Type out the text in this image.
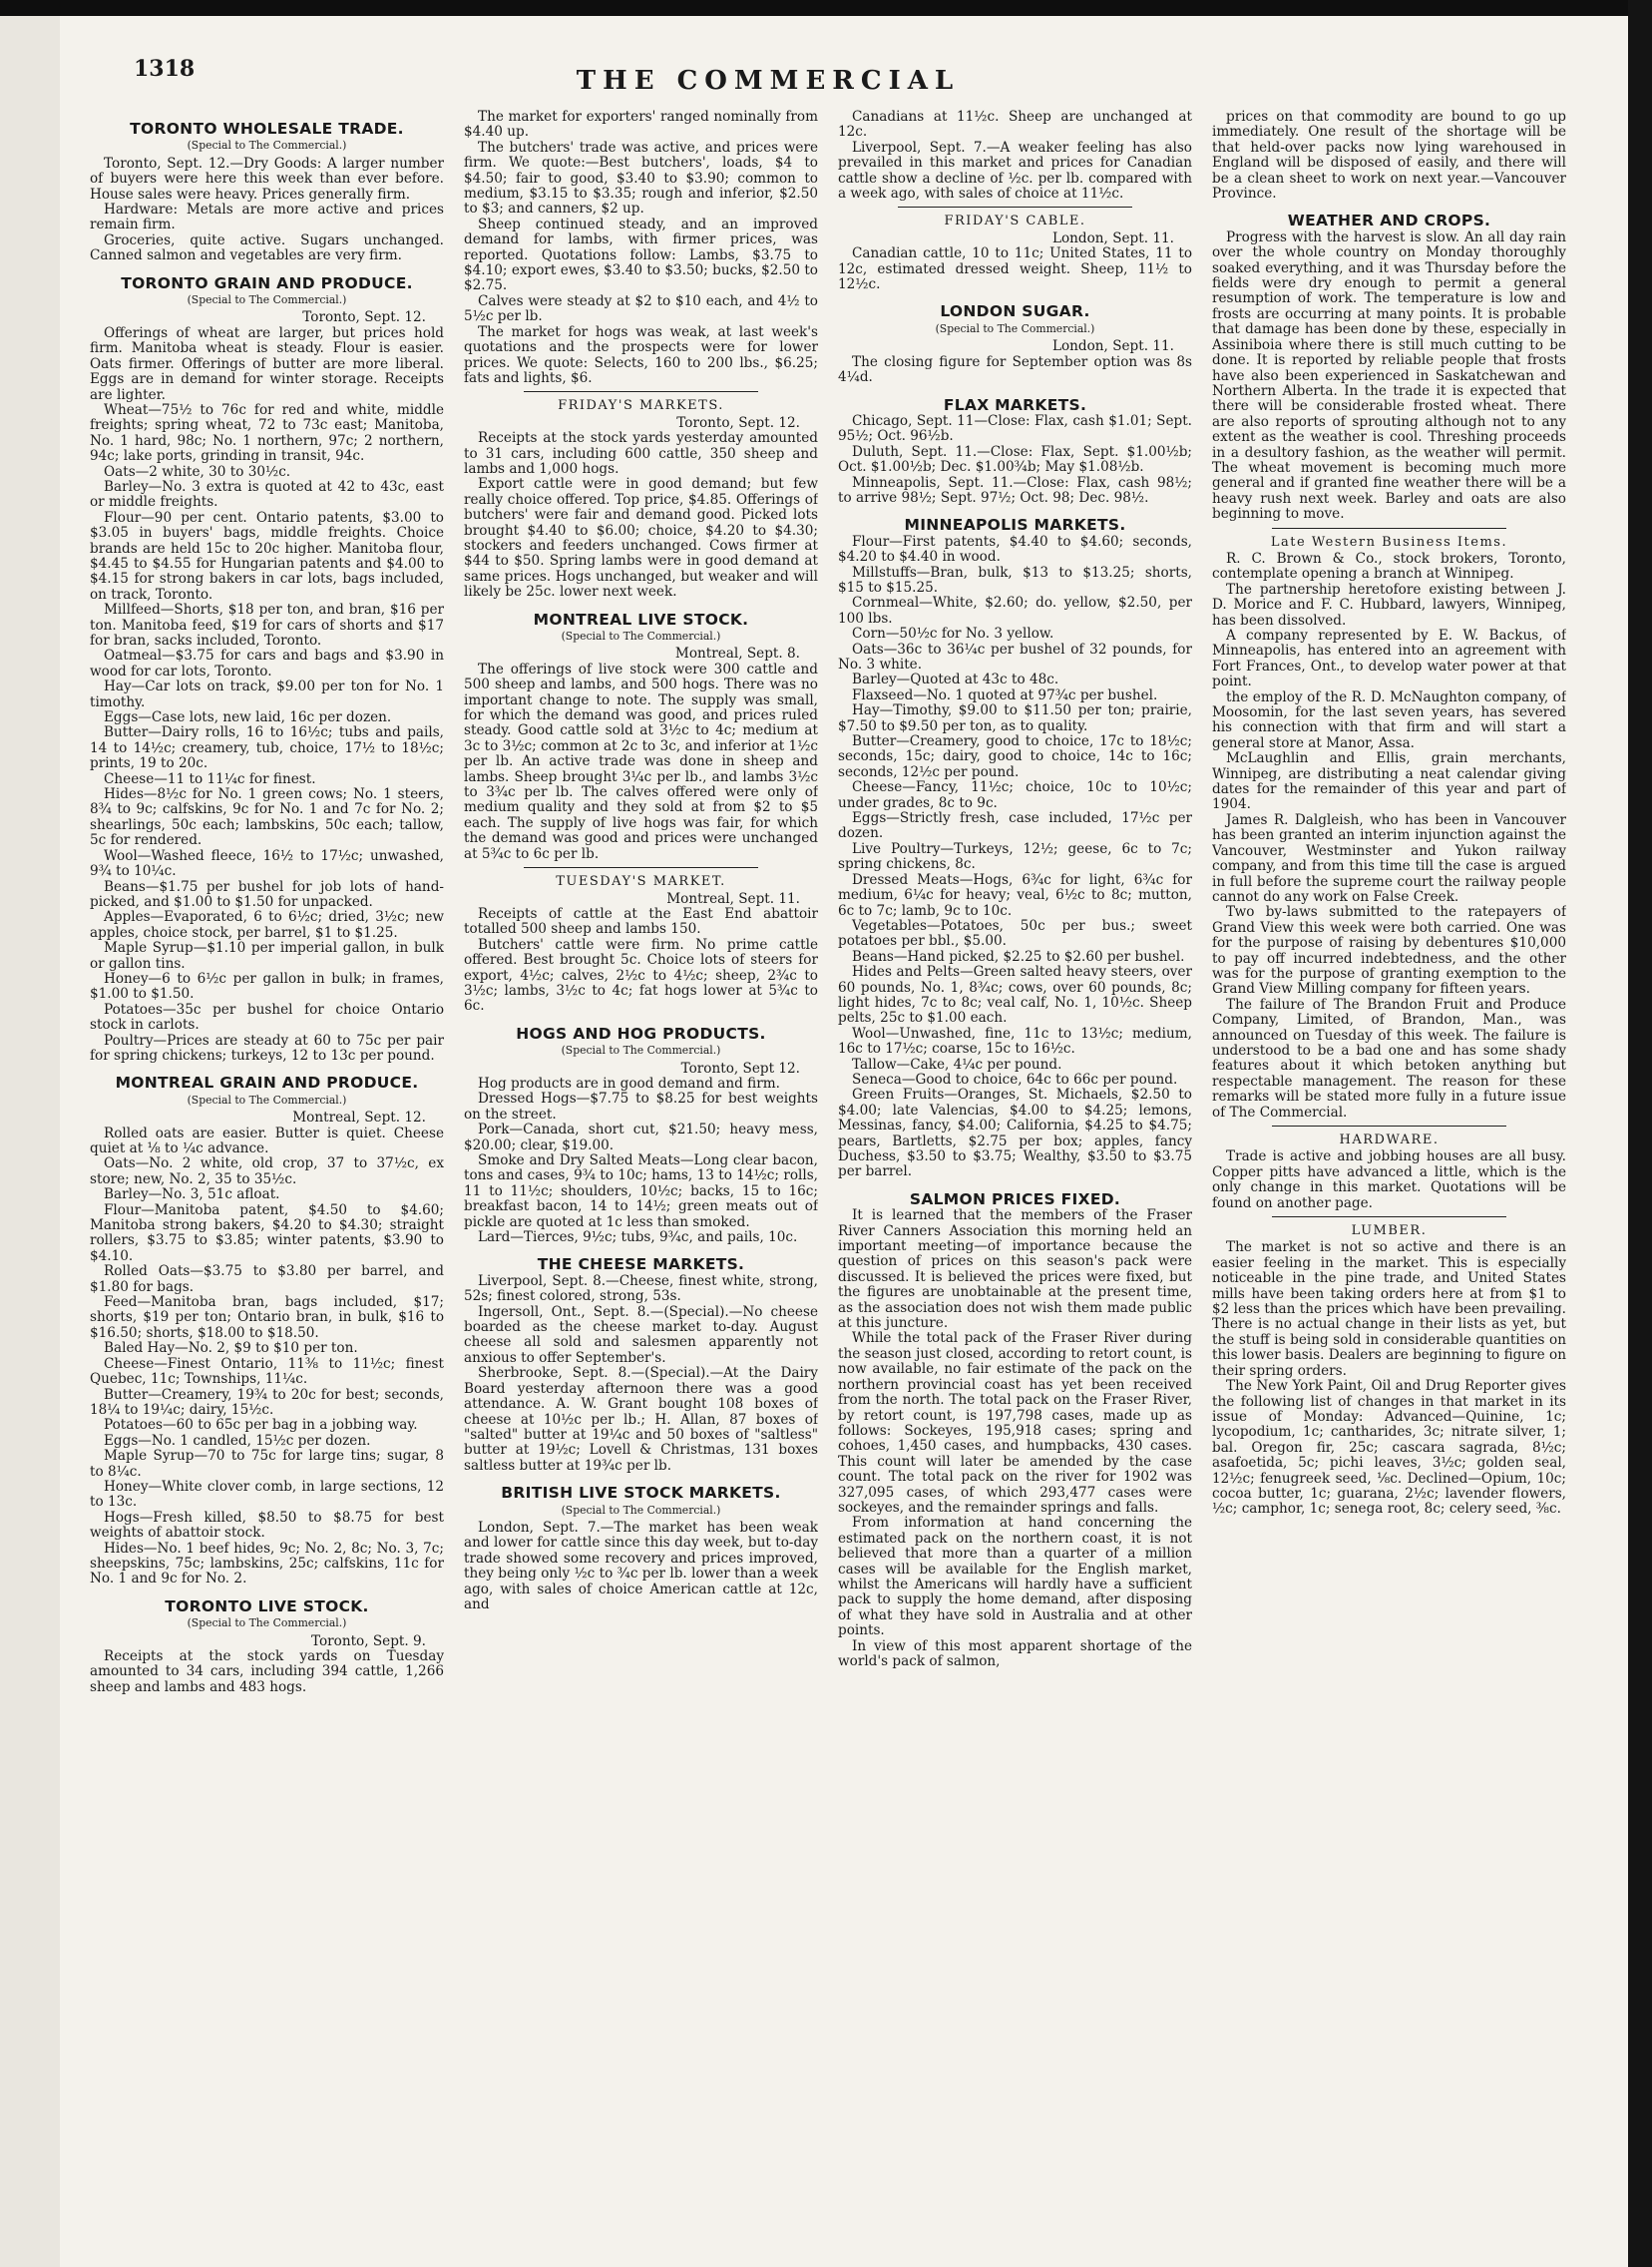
1318	THE COMMERCIAL
TORONTO WHOLESALE TRADE.
(Special to The Commercial.)

Toronto, Sept. 12.—Dry Goods: A larger number of buyers were here this week than ever before. House sales were heavy. Prices generally firm.

Hardware: Metals are more active and prices remain firm.

Groceries, quite active. Sugars unchanged. Canned salmon and vegetables are very firm.

TORONTO GRAIN AND PRODUCE.
(Special to The Commercial.)
Toronto, Sept. 12.

Offerings of wheat are larger, but prices hold firm. Manitoba wheat is steady. Flour is easier. Oats firmer. Offerings of butter are more liberal. Eggs are in demand for winter storage. Receipts are lighter.

Wheat—75½ to 76c for red and white, middle freights; spring wheat, 72 to 73c east; Manitoba, No. 1 hard, 98c; No. 1 northern, 97c; 2 northern, 94c; lake ports, grinding in transit, 94c.

Oats—2 white, 30 to 30½c.

Barley—No. 3 extra is quoted at 42 to 43c, east or middle freights.

Flour—90 per cent. Ontario patents, $3.00 to $3.05 in buyers' bags, middle freights. Choice brands are held 15c to 20c higher. Manitoba flour, $4.45 to $4.55 for Hungarian patents and $4.00 to $4.15 for strong bakers in car lots, bags included, on track, Toronto.

Millfeed—Shorts, $18 per ton, and bran, $16 per ton. Manitoba feed, $19 for cars of shorts and $17 for bran, sacks included, Toronto.

Oatmeal—$3.75 for cars and bags and $3.90 in wood for car lots, Toronto.

Hay—Car lots on track, $9.00 per ton for No. 1 timothy.

Eggs—Case lots, new laid, 16c per dozen.

Butter—Dairy rolls, 16 to 16½c; tubs and pails, 14 to 14½c; creamery, tub, choice, 17½ to 18½c; prints, 19 to 20c.

Cheese—11 to 11¼c for finest.

Hides—8½c for No. 1 green cows; No. 1 steers, 8¾ to 9c; calfskins, 9c for No. 1 and 7c for No. 2; shearlings, 50c each; lambskins, 50c each; tallow, 5c for rendered.

Wool—Washed fleece, 16½ to 17½c; unwashed, 9¾ to 10¼c.

Beans—$1.75 per bushel for job lots of hand-picked, and $1.00 to $1.50 for unpacked.

Apples—Evaporated, 6 to 6½c; dried, 3½c; new apples, choice stock, per barrel, $1 to $1.25.

Maple Syrup—$1.10 per imperial gallon, in bulk or gallon tins.

Honey—6 to 6½c per gallon in bulk; in frames, $1.00 to $1.50.

Potatoes—35c per bushel for choice Ontario stock in carlots.

Poultry—Prices are steady at 60 to 75c per pair for spring chickens; turkeys, 12 to 13c per pound.

MONTREAL GRAIN AND PRODUCE.
(Special to The Commercial.)
Montreal, Sept. 12.

Rolled oats are easier. Butter is quiet. Cheese quiet at ⅛ to ¼c advance.

Oats—No. 2 white, old crop, 37 to 37½c, ex store; new, No. 2, 35 to 35½c.

Barley—No. 3, 51c afloat.

Flour—Manitoba patent, $4.50 to $4.60; Manitoba strong bakers, $4.20 to $4.30; straight rollers, $3.75 to $3.85; winter patents, $3.90 to $4.10.

Rolled Oats—$3.75 to $3.80 per barrel, and $1.80 for bags.

Feed—Manitoba bran, bags included, $17; shorts, $19 per ton; Ontario bran, in bulk, $16 to $16.50; shorts, $18.00 to $18.50.

Baled Hay—No. 2, $9 to $10 per ton.

Cheese—Finest Ontario, 11⅜ to 11½c; finest Quebec, 11c; Townships, 11¼c.

Butter—Creamery, 19¾ to 20c for best; seconds, 18¼ to 19¼c; dairy, 15½c.

Potatoes—60 to 65c per bag in a jobbing way.

Eggs—No. 1 candled, 15½c per dozen.

Maple Syrup—70 to 75c for large tins; sugar, 8 to 8¼c.

Honey—White clover comb, in large sections, 12 to 13c.

Hogs—Fresh killed, $8.50 to $8.75 for best weights of abattoir stock.

Hides—No. 1 beef hides, 9c; No. 2, 8c; No. 3, 7c; sheepskins, 75c; lambskins, 25c; calfskins, 11c for No. 1 and 9c for No. 2.

TORONTO LIVE STOCK.
(Special to The Commercial.)
Toronto, Sept. 9.

Receipts at the stock yards on Tuesday amounted to 34 cars, including 394 cattle, 1,266 sheep and lambs and 483 hogs.

The market for exporters' ranged nominally from $4.40 up.

The butchers' trade was active, and prices were firm. We quote:—Best butchers', loads, $4 to $4.50; fair to good, $3.40 to $3.90; common to medium, $3.15 to $3.35; rough and inferior, $2.50 to $3; and canners, $2 up.

Sheep continued steady, and an improved demand for lambs, with firmer prices, was reported. Quotations follow: Lambs, $3.75 to $4.10; export ewes, $3.40 to $3.50; bucks, $2.50 to $2.75.

Calves were steady at $2 to $10 each, and 4½ to 5½c per lb.

The market for hogs was weak, at last week's quotations and the prospects were for lower prices. We quote: Selects, 160 to 200 lbs., $6.25; fats and lights, $6.

FRIDAY'S MARKETS.
Toronto, Sept. 12.

Receipts at the stock yards yesterday amounted to 31 cars, including 600 cattle, 350 sheep and lambs and 1,000 hogs.

Export cattle were in good demand; but few really choice offered. Top price, $4.85. Offerings of butchers' were fair and demand good. Picked lots brought $4.40 to $6.00; choice, $4.20 to $4.30; stockers and feeders unchanged. Cows firmer at $44 to $50. Spring lambs were in good demand at same prices. Hogs unchanged, but weaker and will likely be 25c. lower next week.

MONTREAL LIVE STOCK.
(Special to The Commercial.)
Montreal, Sept. 8.

The offerings of live stock were 300 cattle and 500 sheep and lambs, and 500 hogs. There was no important change to note. The supply was small, for which the demand was good, and prices ruled steady. Good cattle sold at 3½c to 4c; medium at 3c to 3½c; common at 2c to 3c, and inferior at 1½c per lb. An active trade was done in sheep and lambs. Sheep brought 3¼c per lb., and lambs 3½c to 3¾c per lb. The calves offered were only of medium quality and they sold at from $2 to $5 each. The supply of live hogs was fair, for which the demand was good and prices were unchanged at 5¾c to 6c per lb.

TUESDAY'S MARKET.
Montreal, Sept. 11.

Receipts of cattle at the East End abattoir totalled 500 sheep and lambs 150.

Butchers' cattle were firm. No prime cattle offered. Best brought 5c. Choice lots of steers for export, 4½c; calves, 2½c to 4½c; sheep, 2¾c to 3½c; lambs, 3½c to 4c; fat hogs lower at 5¾c to 6c.

HOGS AND HOG PRODUCTS.
(Special to The Commercial.)
Toronto, Sept 12.

Hog products are in good demand and firm.

Dressed Hogs—$7.75 to $8.25 for best weights on the street.

Pork—Canada, short cut, $21.50; heavy mess, $20.00; clear, $19.00.

Smoke and Dry Salted Meats—Long clear bacon, tons and cases, 9¾ to 10c; hams, 13 to 14½c; rolls, 11 to 11½c; shoulders, 10½c; backs, 15 to 16c; breakfast bacon, 14 to 14½; green meats out of pickle are quoted at 1c less than smoked.

Lard—Tierces, 9½c; tubs, 9¾c, and pails, 10c.

THE CHEESE MARKETS.

Liverpool, Sept. 8.—Cheese, finest white, strong, 52s; finest colored, strong, 53s.

Ingersoll, Ont., Sept. 8.—(Special).—No cheese boarded as the cheese market to-day. August cheese all sold and salesmen apparently not anxious to offer September's.

Sherbrooke, Sept. 8.—(Special).—At the Dairy Board yesterday afternoon there was a good attendance. A. W. Grant bought 108 boxes of cheese at 10½c per lb.; H. Allan, 87 boxes of "salted" butter at 19¼c and 50 boxes of "saltless" butter at 19½c; Lovell & Christmas, 131 boxes saltless butter at 19¾c per lb.

BRITISH LIVE STOCK MARKETS.
(Special to The Commercial.)

London, Sept. 7.—The market has been weak and lower for cattle since this day week, but to-day trade showed some recovery and prices improved, they being only ½c to ¾c per lb. lower than a week ago, with sales of choice American cattle at 12c, and

Canadians at 11½c. Sheep are unchanged at 12c.

Liverpool, Sept. 7.—A weaker feeling has also prevailed in this market and prices for Canadian cattle show a decline of ½c. per lb. compared with a week ago, with sales of choice at 11½c.

FRIDAY'S CABLE.
London, Sept. 11.

Canadian cattle, 10 to 11c; United States, 11 to 12c, estimated dressed weight. Sheep, 11½ to 12½c.

LONDON SUGAR.
(Special to The Commercial.)
London, Sept. 11.

The closing figure for September option was 8s 4¼d.

FLAX MARKETS.

Chicago, Sept. 11—Close: Flax, cash $1.01; Sept. 95½; Oct. 96½b.

Duluth, Sept. 11.—Close: Flax, Sept. $1.00½b; Oct. $1.00½b; Dec. $1.00¾b; May $1.08½b.

Minneapolis, Sept. 11.—Close: Flax, cash 98½; to arrive 98½; Sept. 97½; Oct. 98; Dec. 98½.

MINNEAPOLIS MARKETS.

Flour—First patents, $4.40 to $4.60; seconds, $4.20 to $4.40 in wood.

Millstuffs—Bran, bulk, $13 to $13.25; shorts, $15 to $15.25.

Cornmeal—White, $2.60; do. yellow, $2.50, per 100 lbs.

Corn—50½c for No. 3 yellow.

Oats—36c to 36¼c per bushel of 32 pounds, for No. 3 white.

Barley—Quoted at 43c to 48c.

Flaxseed—No. 1 quoted at 97¾c per bushel.

Hay—Timothy, $9.00 to $11.50 per ton; prairie, $7.50 to $9.50 per ton, as to quality.

Butter—Creamery, good to choice, 17c to 18½c; seconds, 15c; dairy, good to choice, 14c to 16c; seconds, 12½c per pound.

Cheese—Fancy, 11½c; choice, 10c to 10½c; under grades, 8c to 9c.

Eggs—Strictly fresh, case included, 17½c per dozen.

Live Poultry—Turkeys, 12½; geese, 6c to 7c; spring chickens, 8c.

Dressed Meats—Hogs, 6¾c for light, 6¾c for medium, 6¼c for heavy; veal, 6½c to 8c; mutton, 6c to 7c; lamb, 9c to 10c.

Vegetables—Potatoes, 50c per bus.; sweet potatoes per bbl., $5.00.

Beans—Hand picked, $2.25 to $2.60 per bushel.

Hides and Pelts—Green salted heavy steers, over 60 pounds, No. 1, 8¾c; cows, over 60 pounds, 8c; light hides, 7c to 8c; veal calf, No. 1, 10½c. Sheep pelts, 25c to $1.00 each.

Wool—Unwashed, fine, 11c to 13½c; medium, 16c to 17½c; coarse, 15c to 16½c.

Tallow—Cake, 4¼c per pound.

Seneca—Good to choice, 64c to 66c per pound.

Green Fruits—Oranges, St. Michaels, $2.50 to $4.00; late Valencias, $4.00 to $4.25; lemons, Messinas, fancy, $4.00; California, $4.25 to $4.75; pears, Bartletts, $2.75 per box; apples, fancy Duchess, $3.50 to $3.75; Wealthy, $3.50 to $3.75 per barrel.

SALMON PRICES FIXED.

It is learned that the members of the Fraser River Canners Association this morning held an important meeting—of importance because the question of prices on this season's pack were discussed. It is believed the prices were fixed, but the figures are unobtainable at the present time, as the association does not wish them made public at this juncture.

While the total pack of the Fraser River during the season just closed, according to retort count, is now available, no fair estimate of the pack on the northern provincial coast has yet been received from the north. The total pack on the Fraser River, by retort count, is 197,798 cases, made up as follows: Sockeyes, 195,918 cases; spring and cohoes, 1,450 cases, and humpbacks, 430 cases. This count will later be amended by the case count. The total pack on the river for 1902 was 327,095 cases, of which 293,477 cases were sockeyes, and the remainder springs and falls.

From information at hand concerning the estimated pack on the northern coast, it is not believed that more than a quarter of a million cases will be available for the English market, whilst the Americans will hardly have a sufficient pack to supply the home demand, after disposing of what they have sold in Australia and at other points.

In view of this most apparent shortage of the world's pack of salmon,

prices on that commodity are bound to go up immediately. One result of the shortage will be that held-over packs now lying warehoused in England will be disposed of easily, and there will be a clean sheet to work on next year.—Vancouver Province.

WEATHER AND CROPS.

Progress with the harvest is slow. An all day rain over the whole country on Monday thoroughly soaked everything, and it was Thursday before the fields were dry enough to permit a general resumption of work. The temperature is low and frosts are occurring at many points. It is probable that damage has been done by these, especially in Assiniboia where there is still much cutting to be done. It is reported by reliable people that frosts have also been experienced in Saskatchewan and Northern Alberta. In the trade it is expected that there will be considerable frosted wheat. There are also reports of sprouting although not to any extent as the weather is cool. Threshing proceeds in a desultory fashion, as the weather will permit. The wheat movement is becoming much more general and if granted fine weather there will be a heavy rush next week. Barley and oats are also beginning to move.

Late Western Business Items.

R. C. Brown & Co., stock brokers, Toronto, contemplate opening a branch at Winnipeg.

The partnership heretofore existing between J. D. Morice and F. C. Hubbard, lawyers, Winnipeg, has been dissolved.

A company represented by E. W. Backus, of Minneapolis, has entered into an agreement with Fort Frances, Ont., to develop water power at that point.

the employ of the R. D. McNaughton company, of Moosomin, for the last seven years, has severed his connection with that firm and will start a general store at Manor, Assa.

McLaughlin and Ellis, grain merchants, Winnipeg, are distributing a neat calendar giving dates for the remainder of this year and part of 1904.

James R. Dalgleish, who has been in Vancouver has been granted an interim injunction against the Vancouver, Westminster and Yukon railway company, and from this time till the case is argued in full before the supreme court the railway people cannot do any work on False Creek.

Two by-laws submitted to the ratepayers of Grand View this week were both carried. One was for the purpose of raising by debentures $10,000 to pay off incurred indebtedness, and the other was for the purpose of granting exemption to the Grand View Milling company for fifteen years.

The failure of The Brandon Fruit and Produce Company, Limited, of Brandon, Man., was announced on Tuesday of this week. The failure is understood to be a bad one and has some shady features about it which betoken anything but respectable management. The reason for these remarks will be stated more fully in a future issue of The Commercial.

HARDWARE.

Trade is active and jobbing houses are all busy. Copper pitts have advanced a little, which is the only change in this market. Quotations will be found on another page.

LUMBER.

The market is not so active and there is an easier feeling in the market. This is especially noticeable in the pine trade, and United States mills have been taking orders here at from $1 to $2 less than the prices which have been prevailing. There is no actual change in their lists as yet, but the stuff is being sold in considerable quantities on this lower basis. Dealers are beginning to figure on their spring orders.

The New York Paint, Oil and Drug Reporter gives the following list of changes in that market in its issue of Monday: Advanced—Quinine, 1c; lycopodium, 1c; cantharides, 3c; nitrate silver, 1; bal. Oregon fir, 25c; cascara sagrada, 8½c; asafoetida, 5c; pichi leaves, 3½c; golden seal, 12½c; fenugreek seed, ⅛c. Declined—Opium, 10c; cocoa butter, 1c; guarana, 2½c; lavender flowers, ½c; camphor, 1c; senega root, 8c; celery seed, ⅜c.
